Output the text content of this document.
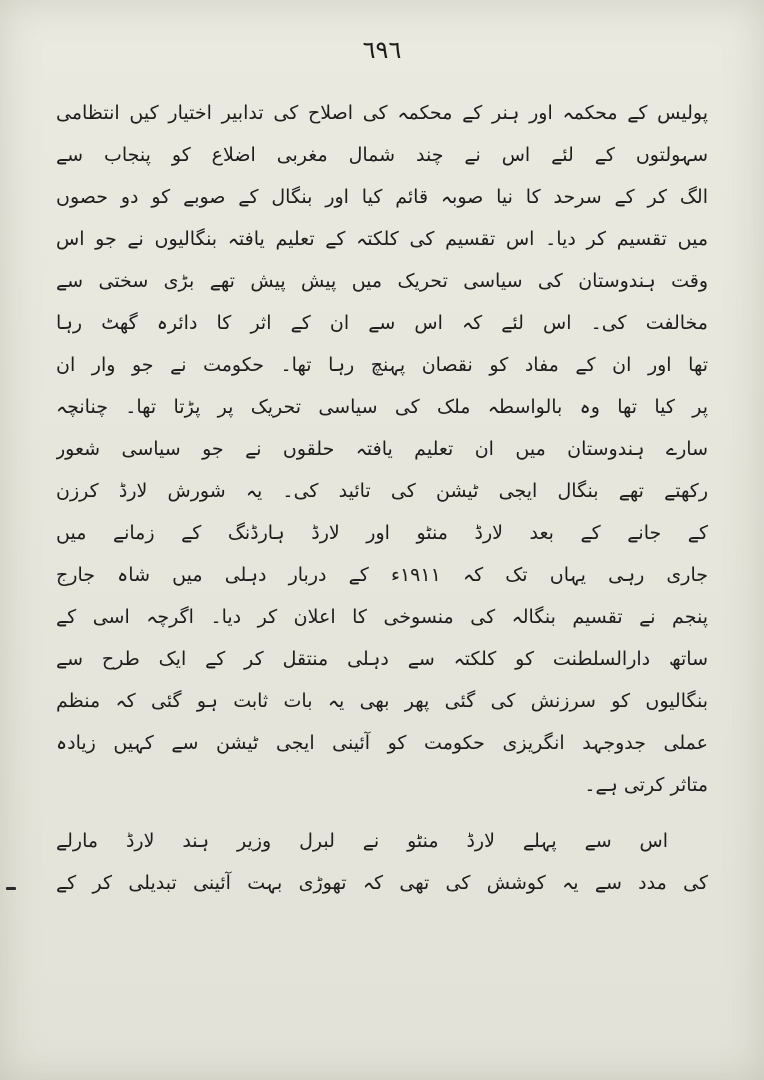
٦٩٦
پولیس کے محکمہ اور ہنر کے محکمہ کی اصلاح کی تدابیر اختیار کیں انتظامی
سہولتوں کے لئے اس نے چند شمال مغربی اضلاع کو پنجاب سے
الگ کر کے سرحد کا نیا صوبہ قائم کیا اور بنگال کے صوبے کو دو حصوں
میں تقسیم کر دیا۔ اس تقسیم کی کلکتہ کے تعلیم یافتہ بنگالیوں نے جو اس
وقت ہندوستان کی سیاسی تحریک میں پیش پیش تھے بڑی سختی سے
مخالفت کی۔ اس لئے کہ اس سے ان کے اثر کا دائرہ گھٹ رہا
تھا اور ان کے مفاد کو نقصان پہنچ رہا تھا۔ حکومت نے جو وار ان
پر کیا تھا وہ بالواسطہ ملک کی سیاسی تحریک پر پڑتا تھا۔ چنانچہ
سارے ہندوستان میں ان تعلیم یافتہ حلقوں نے جو سیاسی شعور
رکھتے تھے بنگال ایجی ٹیشن کی تائید کی۔ یہ شورش لارڈ کرزن
کے جانے کے بعد لارڈ منٹو اور لارڈ ہارڈنگ کے زمانے میں
جاری رہی یہاں تک کہ ۱۹۱۱ء کے دربار دہلی میں شاہ جارج
پنجم نے تقسیم بنگالہ کی منسوخی کا اعلان کر دیا۔ اگرچہ اسی کے
ساتھ دارالسلطنت کو کلکتہ سے دہلی منتقل کر کے ایک طرح سے
بنگالیوں کو سرزنش کی گئی پھر بھی یہ بات ثابت ہو گئی کہ منظم
عملی جدوجہد انگریزی حکومت کو آئینی ایجی ٹیشن سے کہیں زیادہ
متاثر کرتی ہے۔
اس سے پہلے لارڈ منٹو نے لبرل وزیر ہند لارڈ مارلے
کی مدد سے یہ کوشش کی تھی کہ تھوڑی بہت آئینی تبدیلی کر کے
